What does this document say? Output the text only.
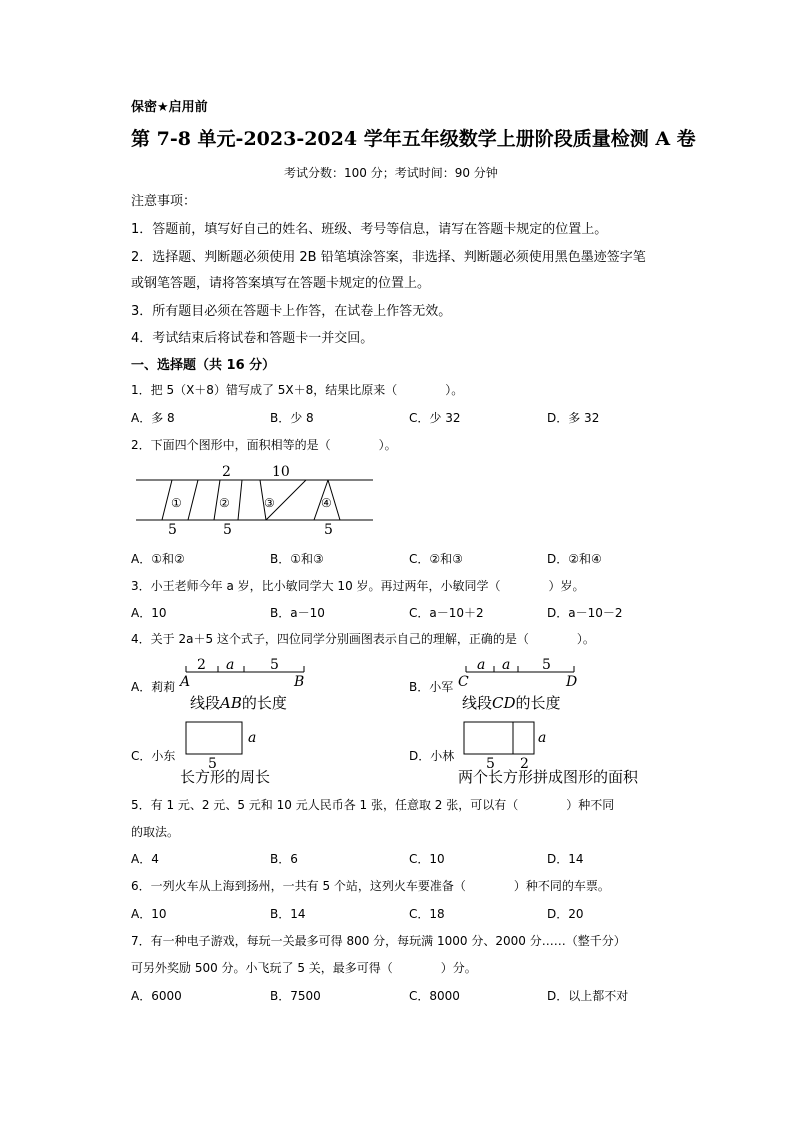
保密★启用前
第 7-8 单元-2023-2024 学年五年级数学上册阶段质量检测 A 卷
考试分数：100 分；考试时间：90 分钟
注意事项：
1．答题前，填写好自己的姓名、班级、考号等信息，请写在答题卡规定的位置上。
2．选择题、判断题必须使用 2B 铅笔填涂答案，非选择、判断题必须使用黑色墨迹签字笔
或钢笔答题，请将答案填写在答题卡规定的位置上。
3．所有题目必须在答题卡上作答，在试卷上作答无效。
4．考试结束后将试卷和答题卡一并交回。
一、选择题（共 16 分）
1．把 5（X＋8）错写成了 5X＋8，结果比原来（　　　　）。
A．多 8	B．少 8	C．少 32	D．多 32
2．下面四个图形中，面积相等的是（　　　　）。
2	10
①	②	③	④
5	5	5
A．①和②	B．①和③	C．②和③	D．②和④
3．小王老师今年 a 岁，比小敏同学大 10 岁。再过两年，小敏同学（　　　　）岁。
A．10	B．a－10	C．a－10＋2	D．a－10－2
4．关于 2a＋5 这个式子，四位同学分别画图表示自己的理解，正确的是（　　　　）。
A．莉莉
2 a	5
A	B
线段AB的长度
B．小军
a a 5
C	D
线段CD的长度
C．小东
a
5
长方形的周长
D．小林
a
5 2
两个长方形拼成图形的面积
5．有 1 元、2 元、5 元和 10 元人民币各 1 张，任意取 2 张，可以有（　　　　）种不同
的取法。
A．4	B．6	C．10	D．14
6．一列火车从上海到扬州，一共有 5 个站，这列火车要准备（　　　　）种不同的车票。
A．10	B．14	C．18	D．20
7．有一种电子游戏，每玩一关最多可得 800 分，每玩满 1000 分、2000 分……（整千分）
可另外奖励 500 分。小飞玩了 5 关，最多可得（　　　　）分。
A．6000	B．7500	C．8000	D．以上都不对
